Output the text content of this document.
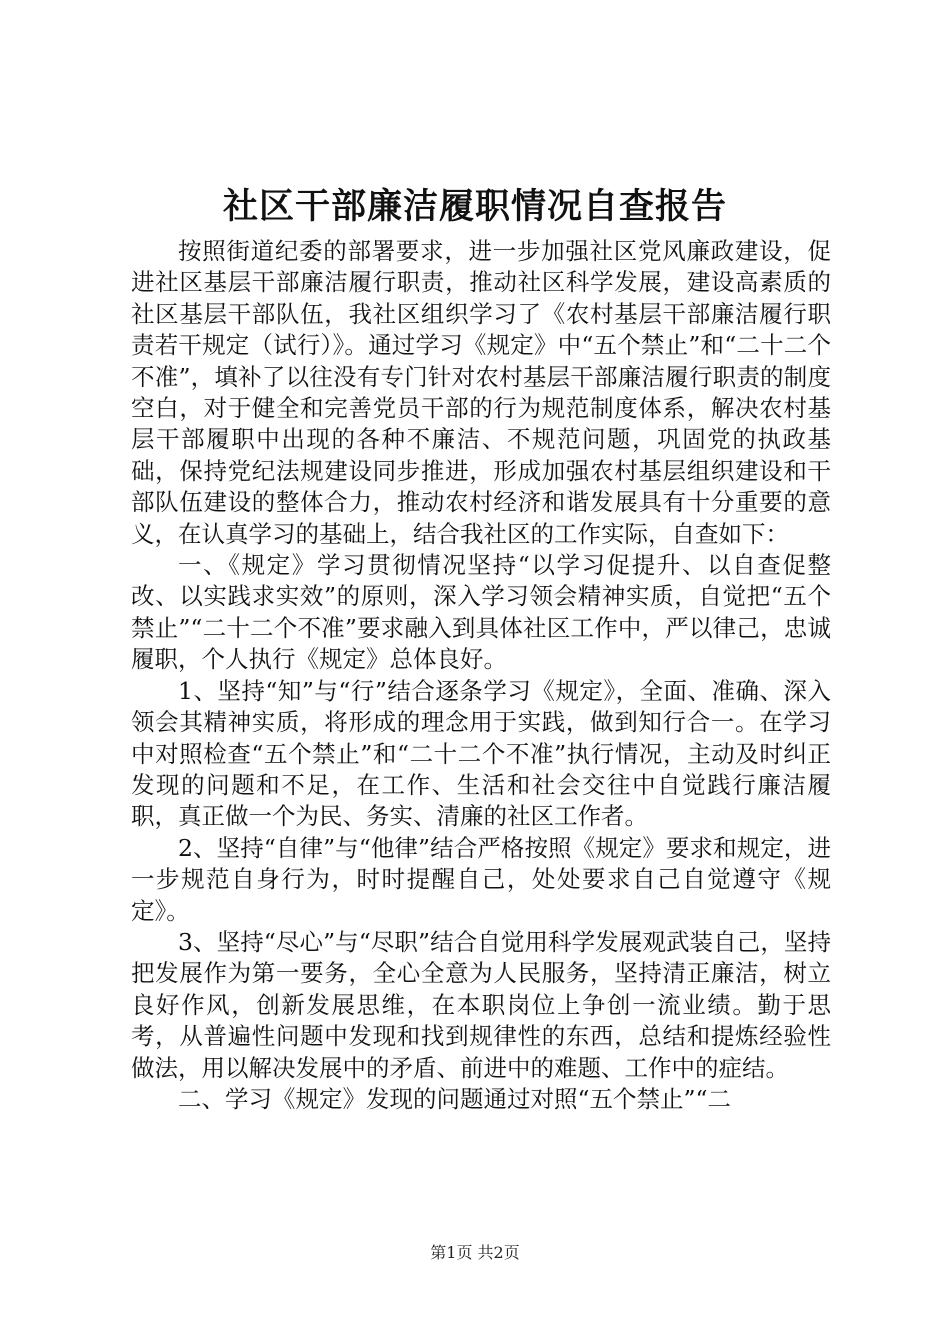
社区干部廉洁履职情况自查报告

按照街道纪委的部署要求，进一步加强社区党风廉政建设，促进社区基层干部廉洁履行职责，推动社区科学发展，建设高素质的社区基层干部队伍，我社区组织学习了《农村基层干部廉洁履行职责若干规定（试行）》。通过学习《规定》中“五个禁止”和“二十二个不准”，填补了以往没有专门针对农村基层干部廉洁履行职责的制度空白，对于健全和完善党员干部的行为规范制度体系，解决农村基层干部履职中出现的各种不廉洁、不规范问题，巩固党的执政基础，保持党纪法规建设同步推进，形成加强农村基层组织建设和干部队伍建设的整体合力，推动农村经济和谐发展具有十分重要的意义，在认真学习的基础上，结合我社区的工作实际，自查如下：

一、《规定》学习贯彻情况坚持“以学习促提升、以自查促整改、以实践求实效”的原则，深入学习领会精神实质，自觉把“五个禁止”“二十二个不准”要求融入到具体社区工作中，严以律己，忠诚履职，个人执行《规定》总体良好。

1、坚持“知”与“行”结合逐条学习《规定》，全面、准确、深入领会其精神实质，将形成的理念用于实践，做到知行合一。在学习中对照检查“五个禁止”和“二十二个不准”执行情况，主动及时纠正发现的问题和不足，在工作、生活和社会交往中自觉践行廉洁履职，真正做一个为民、务实、清廉的社区工作者。

2、坚持“自律”与“他律”结合严格按照《规定》要求和规定，进一步规范自身行为，时时提醒自己，处处要求自己自觉遵守《规定》。

3、坚持“尽心”与“尽职”结合自觉用科学发展观武装自己，坚持把发展作为第一要务，全心全意为人民服务，坚持清正廉洁，树立良好作风，创新发展思维，在本职岗位上争创一流业绩。勤于思考，从普遍性问题中发现和找到规律性的东西，总结和提炼经验性做法，用以解决发展中的矛盾、前进中的难题、工作中的症结。

二、学习《规定》发现的问题通过对照“五个禁止”“二

第1页 共2页
